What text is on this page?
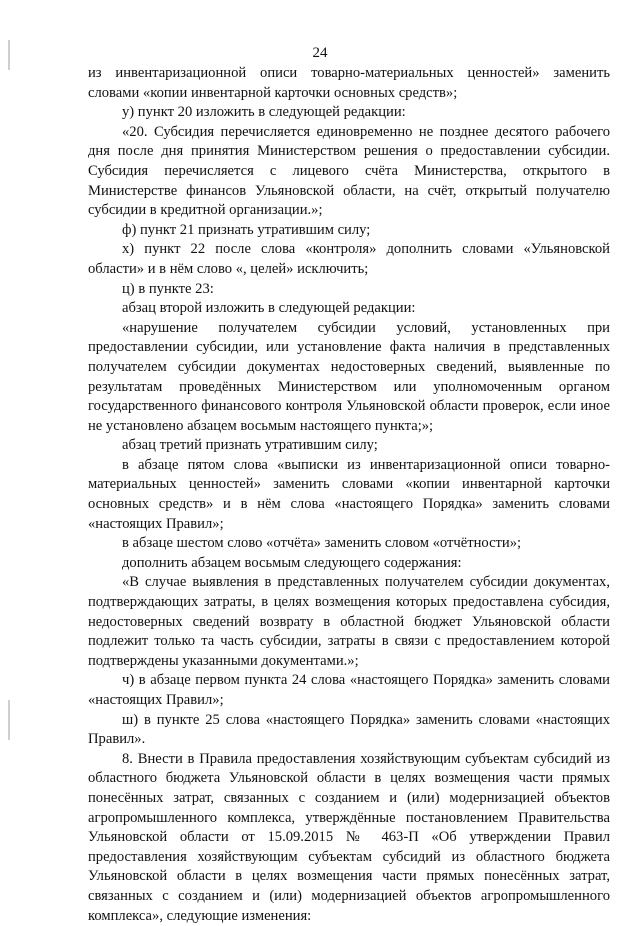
24

из инвентаризационной описи товарно-материальных ценностей» заменить словами «копии инвентарной карточки основных средств»;

у) пункт 20 изложить в следующей редакции:

«20. Субсидия перечисляется единовременно не позднее десятого рабочего дня после дня принятия Министерством решения о предоставлении субсидии. Субсидия перечисляется с лицевого счёта Министерства, открытого в Министерстве финансов Ульяновской области, на счёт, открытый получателю субсидии в кредитной организации.»;

ф) пункт 21 признать утратившим силу;

х) пункт 22 после слова «контроля» дополнить словами «Ульяновской области» и в нём слово «, целей» исключить;

ц) в пункте 23:

абзац второй изложить в следующей редакции:

«нарушение получателем субсидии условий, установленных при предоставлении субсидии, или установление факта наличия в представленных получателем субсидии документах недостоверных сведений, выявленные по результатам проведённых Министерством или уполномоченным органом государственного финансового контроля Ульяновской области проверок, если иное не установлено абзацем восьмым настоящего пункта;»;

абзац третий признать утратившим силу;

в абзаце пятом слова «выписки из инвентаризационной описи товарно-материальных ценностей» заменить словами «копии инвентарной карточки основных средств» и в нём слова «настоящего Порядка» заменить словами «настоящих Правил»;

в абзаце шестом слово «отчёта» заменить словом «отчётности»;

дополнить абзацем восьмым следующего содержания:

«В случае выявления в представленных получателем субсидии документах, подтверждающих затраты, в целях возмещения которых предоставлена субсидия, недостоверных сведений возврату в областной бюджет Ульяновской области подлежит только та часть субсидии, затраты в связи с предоставлением которой подтверждены указанными документами.»;

ч) в абзаце первом пункта 24 слова «настоящего Порядка» заменить словами «настоящих Правил»;

ш) в пункте 25 слова «настоящего Порядка» заменить словами «настоящих Правил».

8. Внести в Правила предоставления хозяйствующим субъектам субсидий из областного бюджета Ульяновской области в целях возмещения части прямых понесённых затрат, связанных с созданием и (или) модернизацией объектов агропромышленного комплекса, утверждённые постановлением Правительства Ульяновской области от 15.09.2015 № 463-П «Об утверждении Правил предоставления хозяйствующим субъектам субсидий из областного бюджета Ульяновской области в целях возмещения части прямых понесённых затрат, связанных с созданием и (или) модернизацией объектов агропромышленного комплекса», следующие изменения:
